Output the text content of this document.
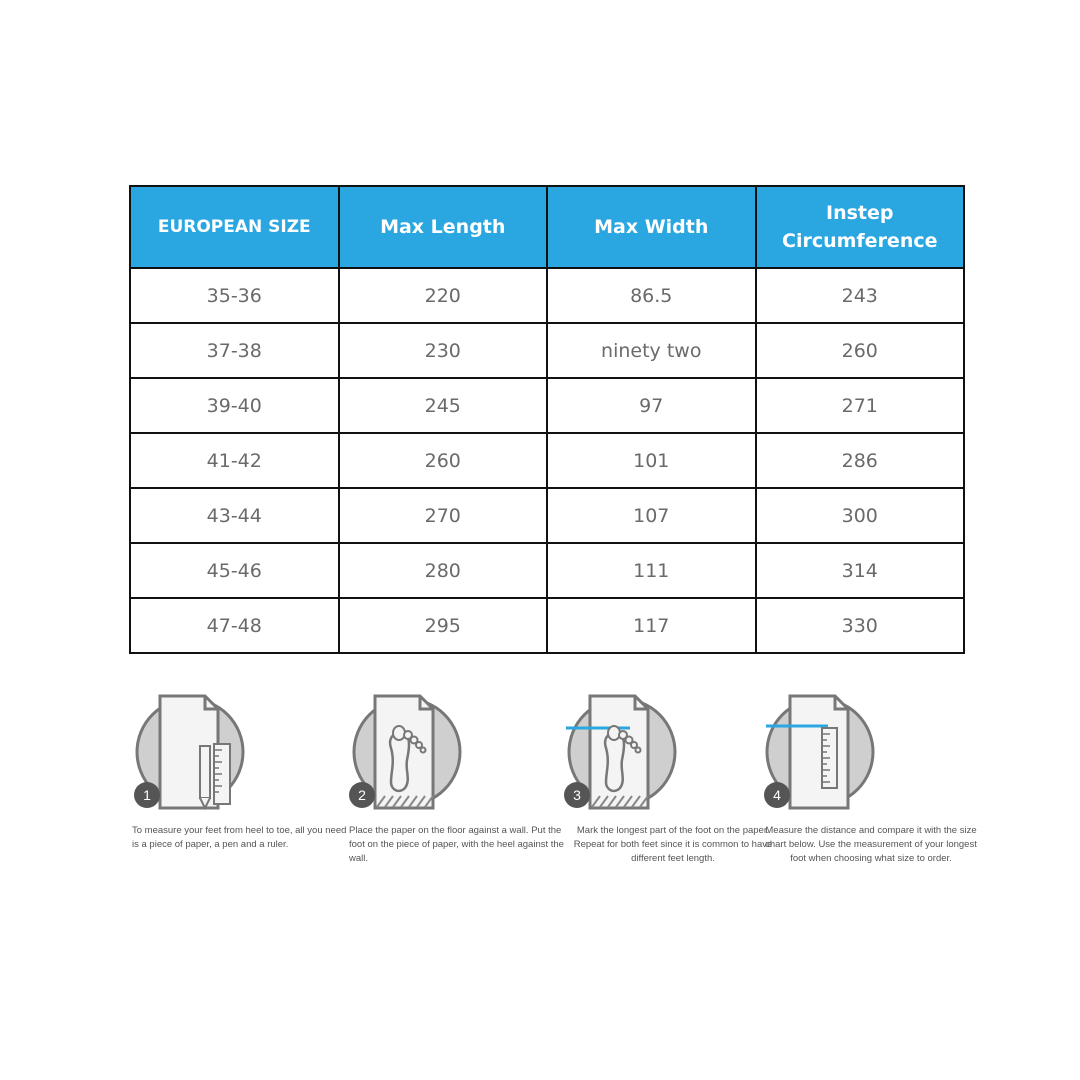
EUROPEAN SIZE	Max Length	Max Width	Instep
Circumference
35-36	220	86.5	243
37-38	230	ninety two	260
39-40	245	97	271
41-42	260	101	286
43-44	270	107	300
45-46	280	111	314
47-48	295	117	330
1
To measure your feet from heel to toe, all you need is a piece of paper, a pen and a ruler.
2
Place the paper on the floor against a wall. Put the foot on the piece of paper, with the heel against the wall.
3
Mark the longest part of the foot on the paper. Repeat for both feet since it is common to have different feet length.
4
Measure the distance and compare it with the size chart below. Use the measurement of your longest foot when choosing what size to order.
